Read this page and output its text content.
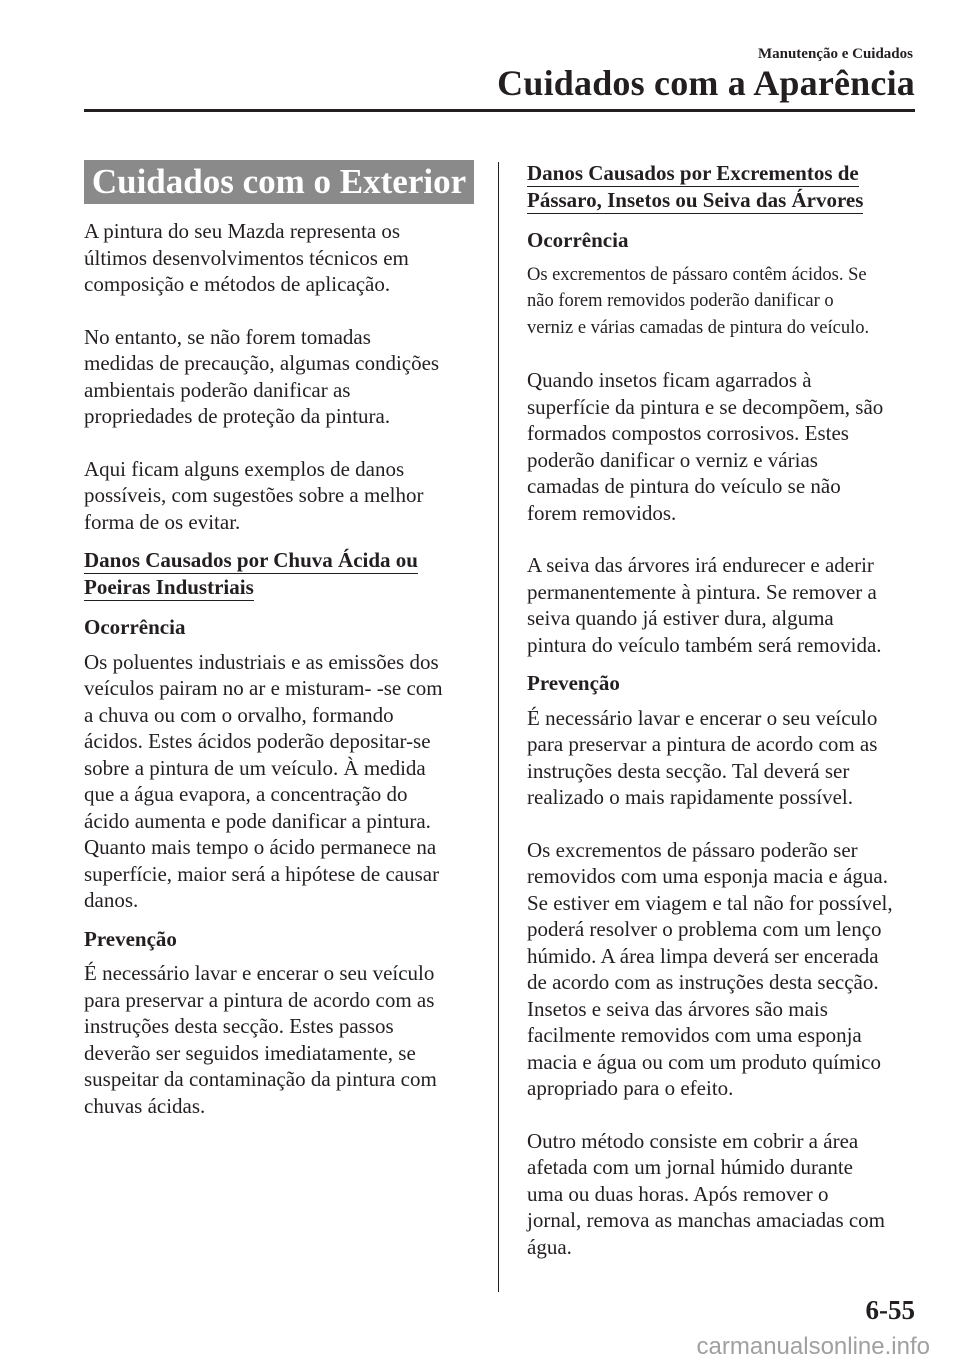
Manutenção e Cuidados
Cuidados com a Aparência
Cuidados com o Exterior

A pintura do seu Mazda representa os
últimos desenvolvimentos técnicos em
composição e métodos de aplicação.

No entanto, se não forem tomadas
medidas de precaução, algumas condições
ambientais poderão danificar as
propriedades de proteção da pintura.

Aqui ficam alguns exemplos de danos
possíveis, com sugestões sobre a melhor
forma de os evitar.

Danos Causados por Chuva Ácida ou
Poeiras Industriais
Ocorrência

Os poluentes industriais e as emissões dos
veículos pairam no ar e misturam- -se com
a chuva ou com o orvalho, formando
ácidos. Estes ácidos poderão depositar-se
sobre a pintura de um veículo. À medida
que a água evapora, a concentração do
ácido aumenta e pode danificar a pintura.
Quanto mais tempo o ácido permanece na
superfície, maior será a hipótese de causar
danos.

Prevenção

É necessário lavar e encerar o seu veículo
para preservar a pintura de acordo com as
instruções desta secção. Estes passos
deverão ser seguidos imediatamente, se
suspeitar da contaminação da pintura com
chuvas ácidas.

Danos Causados por Excrementos de
Pássaro, Insetos ou Seiva das Árvores
Ocorrência

Os excrementos de pássaro contêm ácidos. Se
não forem removidos poderão danificar o
verniz e várias camadas de pintura do veículo.

Quando insetos ficam agarrados à
superfície da pintura e se decompõem, são
formados compostos corrosivos. Estes
poderão danificar o verniz e várias
camadas de pintura do veículo se não
forem removidos.

A seiva das árvores irá endurecer e aderir
permanentemente à pintura. Se remover a
seiva quando já estiver dura, alguma
pintura do veículo também será removida.

Prevenção

É necessário lavar e encerar o seu veículo
para preservar a pintura de acordo com as
instruções desta secção. Tal deverá ser
realizado o mais rapidamente possível.

Os excrementos de pássaro poderão ser
removidos com uma esponja macia e água.
Se estiver em viagem e tal não for possível,
poderá resolver o problema com um lenço
húmido. A área limpa deverá ser encerada
de acordo com as instruções desta secção.
Insetos e seiva das árvores são mais
facilmente removidos com uma esponja
macia e água ou com um produto químico
apropriado para o efeito.

Outro método consiste em cobrir a área
afetada com um jornal húmido durante
uma ou duas horas. Após remover o
jornal, remova as manchas amaciadas com
água.

6-55
carmanualsonline.info
